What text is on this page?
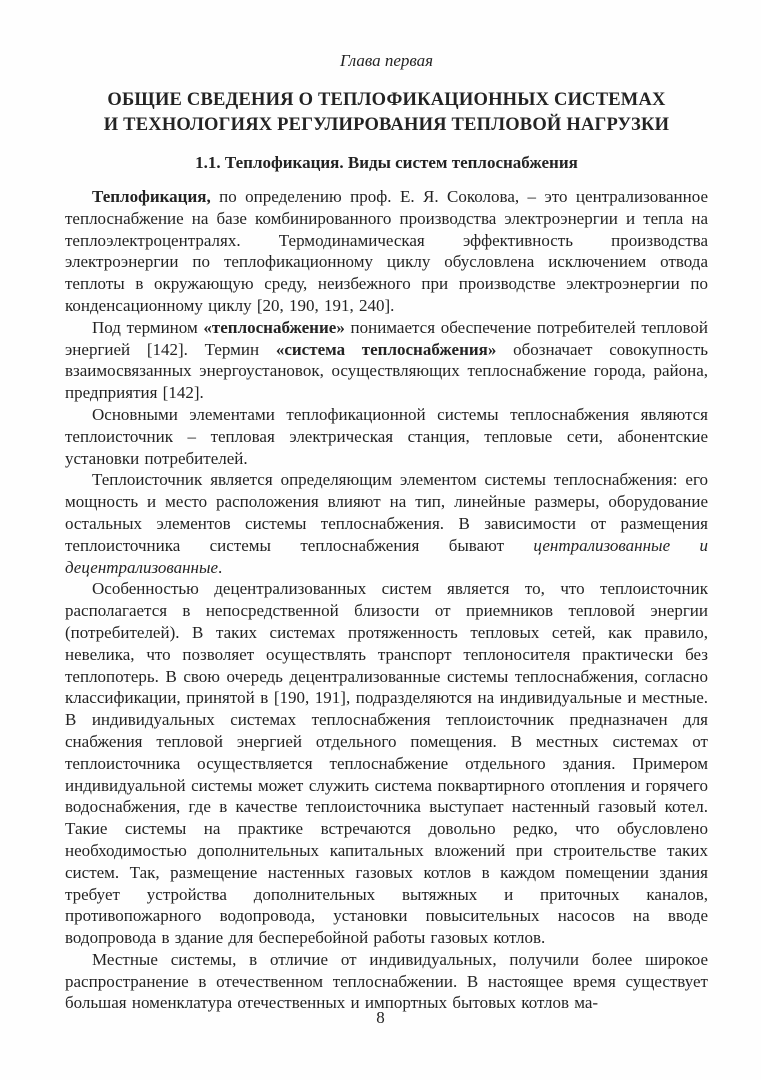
Глава первая
ОБЩИЕ СВЕДЕНИЯ О ТЕПЛОФИКАЦИОННЫХ СИСТЕМАХ
И ТЕХНОЛОГИЯХ РЕГУЛИРОВАНИЯ ТЕПЛОВОЙ НАГРУЗКИ
1.1. Теплофикация. Виды систем теплоснабжения

Теплофикация, по определению проф. Е. Я. Соколова, – это централизованное теплоснабжение на базе комбинированного производства электроэнергии и тепла на теплоэлектроцентралях. Термодинамическая эффективность производства электроэнергии по теплофикационному циклу обусловлена исключением отвода теплоты в окружающую среду, неизбежного при производстве электроэнергии по конденсационному циклу [20, 190, 191, 240].

Под термином «теплоснабжение» понимается обеспечение потребителей тепловой энергией [142]. Термин «система теплоснабжения» обозначает совокупность взаимосвязанных энергоустановок, осуществляющих теплоснабжение города, района, предприятия [142].

Основными элементами теплофикационной системы теплоснабжения являются теплоисточник – тепловая электрическая станция, тепловые сети, абонентские установки потребителей.

Теплоисточник является определяющим элементом системы теплоснабжения: его мощность и место расположения влияют на тип, линейные размеры, оборудование остальных элементов системы теплоснабжения. В зависимости от размещения теплоисточника системы теплоснабжения бывают централизованные и децентрализованные.

Особенностью децентрализованных систем является то, что теплоисточник располагается в непосредственной близости от приемников тепловой энергии (потребителей). В таких системах протяженность тепловых сетей, как правило, невелика, что позволяет осуществлять транспорт теплоносителя практически без теплопотерь. В свою очередь децентрализованные системы теплоснабжения, согласно классификации, принятой в [190, 191], подразделяются на индивидуальные и местные. В индивидуальных системах теплоснабжения теплоисточник предназначен для снабжения тепловой энергией отдельного помещения. В местных системах от теплоисточника осуществляется теплоснабжение отдельного здания. Примером индивидуальной системы может служить система поквартирного отопления и горячего водоснабжения, где в качестве теплоисточника выступает настенный газовый котел. Такие системы на практике встречаются довольно редко, что обусловлено необходимостью дополнительных капитальных вложений при строительстве таких систем. Так, размещение настенных газовых котлов в каждом помещении здания требует устройства дополнительных вытяжных и приточных каналов, противопожарного водопровода, установки повысительных насосов на вводе водопровода в здание для бесперебойной работы газовых котлов.

Местные системы, в отличие от индивидуальных, получили более широкое распространение в отечественном теплоснабжении. В настоящее время существует большая номенклатура отечественных и импортных бытовых котлов ма-

8
